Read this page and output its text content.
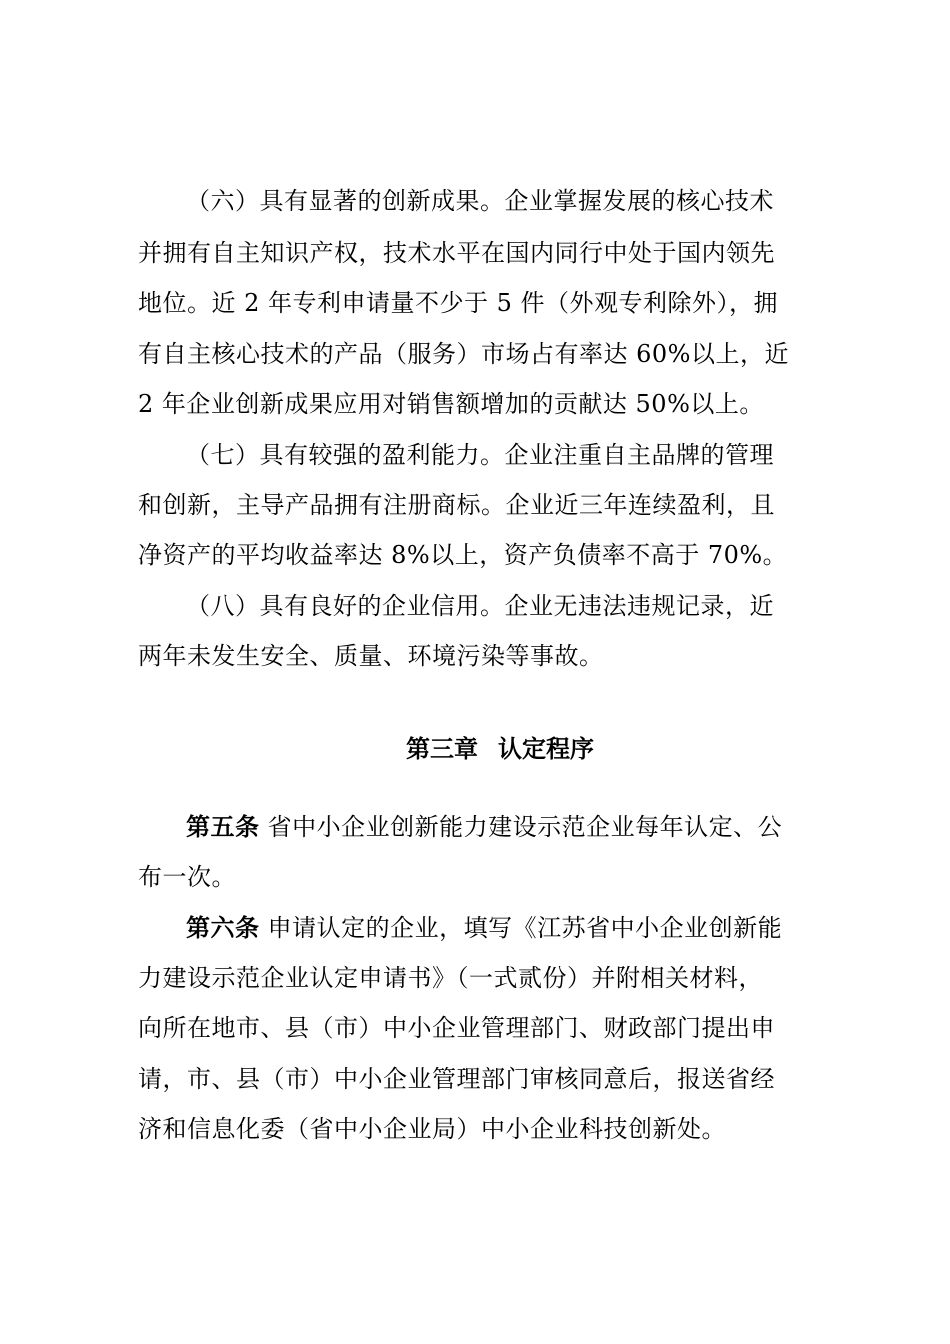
（六）具有显著的创新成果。企业掌握发展的核心技术
并拥有自主知识产权，技术水平在国内同行中处于国内领先
地位。近 2 年专利申请量不少于 5 件（外观专利除外），拥
有自主核心技术的产品（服务）市场占有率达 60%以上，近
2 年企业创新成果应用对销售额增加的贡献达 50%以上。
（七）具有较强的盈利能力。企业注重自主品牌的管理
和创新，主导产品拥有注册商标。企业近三年连续盈利，且
净资产的平均收益率达 8%以上，资产负债率不高于 70%。
（八）具有良好的企业信用。企业无违法违规记录，近
两年未发生安全、质量、环境污染等事故。
第三章 认定程序
第五条 省中小企业创新能力建设示范企业每年认定、公
布一次。
第六条 申请认定的企业，填写《江苏省中小企业创新能
力建设示范企业认定申请书》（一式贰份）并附相关材料，
向所在地市、县（市）中小企业管理部门、财政部门提出申
请，市、县（市）中小企业管理部门审核同意后，报送省经
济和信息化委（省中小企业局）中小企业科技创新处。
